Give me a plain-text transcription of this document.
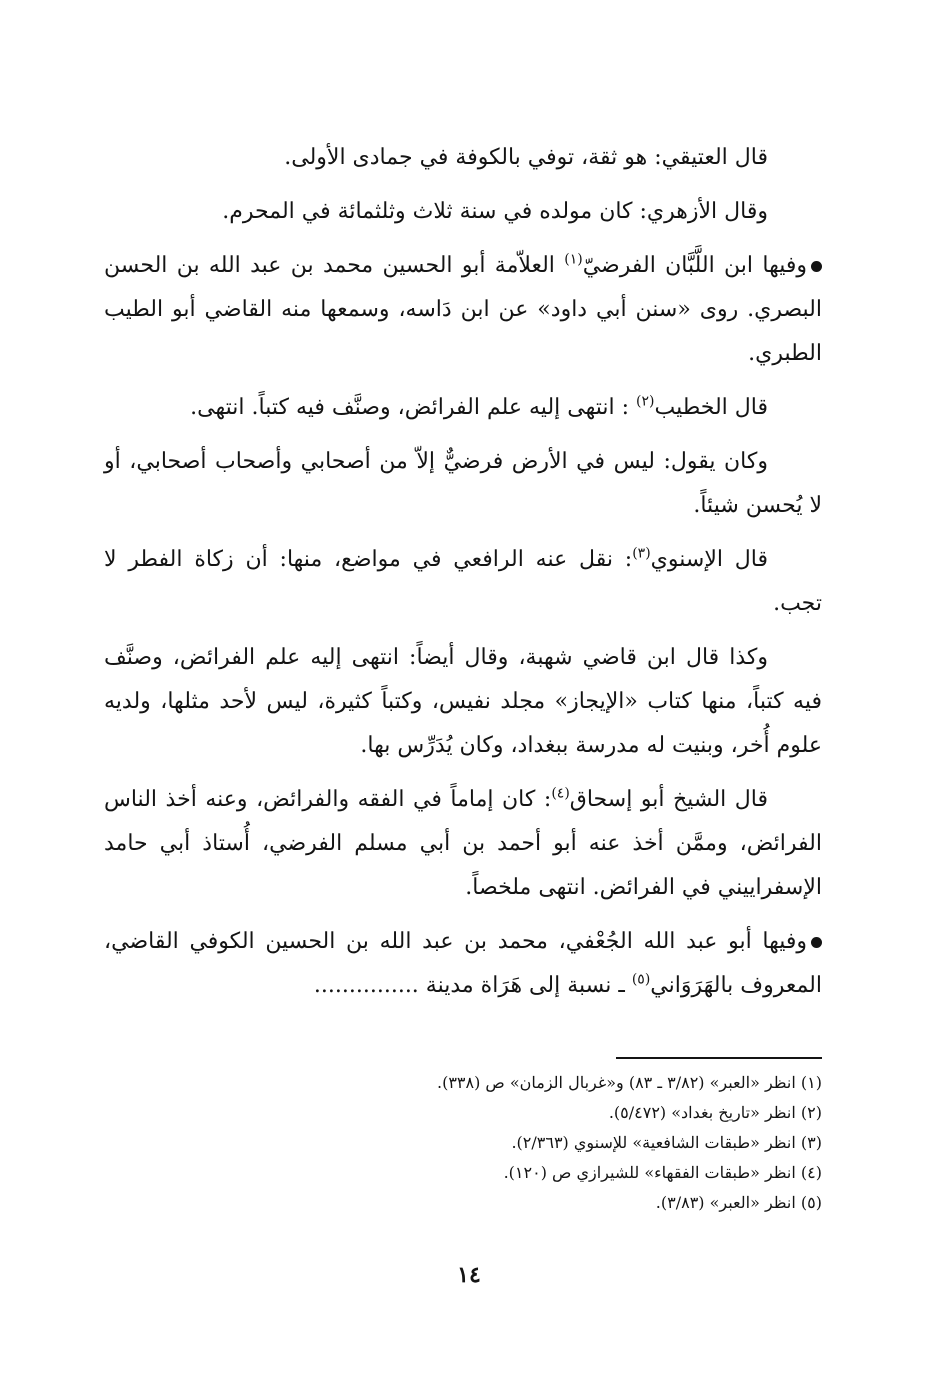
قال العتيقي: هو ثقة، توفي بالكوفة في جمادى الأولى.

وقال الأزهري: كان مولده في سنة ثلاث وثلثمائة في المحرم.

وفيها ابن اللَّبَّان الفرضيّ$^{(١)}$ العلاّمة أبو الحسين محمد بن عبد الله بن الحسن البصري. روى «سنن أبي داود» عن ابن دَاسه، وسمعها منه القاضي أبو الطيب الطبري.

قال الخطيب$^{(٢)}$ : انتهى إليه علم الفرائض، وصنَّف فيه كتباً. انتهى.

وكان يقول: ليس في الأرض فرضيٌّ إلاّ من أصحابي وأصحاب أصحابي، أو لا يُحسن شيئاً.

قال الإسنوي$^{(٣)}$: نقل عنه الرافعي في مواضع، منها: أن زكاة الفطر لا تجب.

وكذا قال ابن قاضي شهبة، وقال أيضاً: انتهى إليه علم الفرائض، وصنَّف فيه كتباً، منها كتاب «الإيجاز» مجلد نفيس، وكتباً كثيرة، ليس لأحد مثلها، ولديه علوم أُخر، وبنيت له مدرسة ببغداد، وكان يُدَرِّس بها.

قال الشيخ أبو إسحاق$^{(٤)}$: كان إماماً في الفقه والفرائض، وعنه أخذ الناس الفرائض، وممَّن أخذ عنه أبو أحمد بن أبي مسلم الفرضي، أُستاذ أبي حامد الإسفراييني في الفرائض. انتهى ملخصاً.

وفيها أبو عبد الله الجُعْفي، محمد بن عبد الله بن الحسين الكوفي القاضي، المعروف بالهَرَوَاني$^{(٥)}$ ـ نسبة إلى هَرَاة مدينة ...............

(١) انظر «العبر» (٣/٨٢ ـ ٨٣) و«غربال الزمان» ص (٣٣٨).

(٢) انظر «تاريخ بغداد» (٥/٤٧٢).

(٣) انظر «طبقات الشافعية» للإسنوي (٢/٣٦٣).

(٤) انظر «طبقات الفقهاء» للشيرازي ص (١٢٠).

(٥) انظر «العبر» (٣/٨٣).

١٤
